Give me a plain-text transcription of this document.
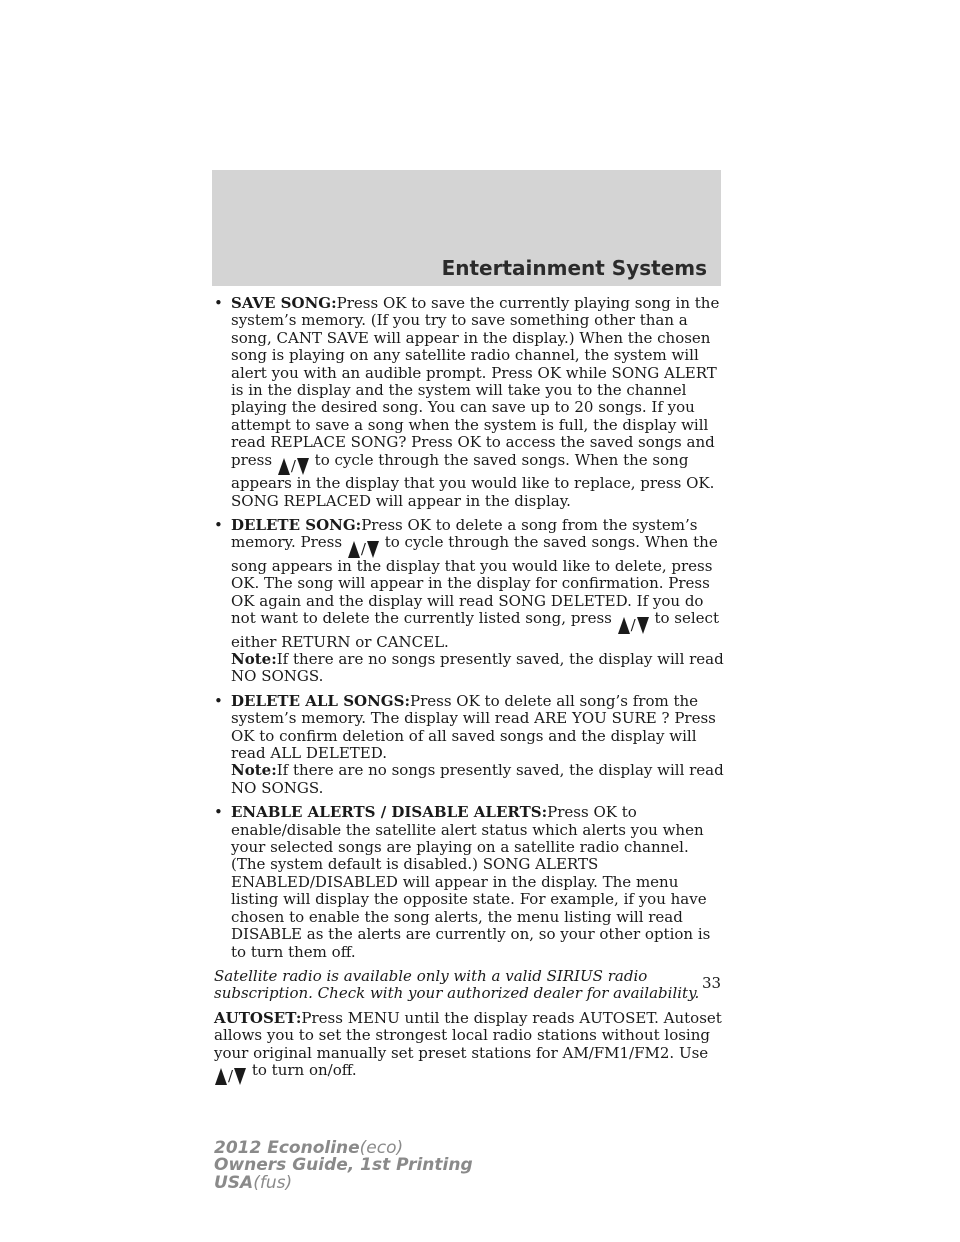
Entertainment Systems
• SAVE SONG:Press OK to save the currently playing song in the system’s memory. (If you try to save something other than a song, CANT SAVE will appear in the display.) When the chosen song is playing on any satellite radio channel, the system will alert you with an audible prompt. Press OK while SONG ALERT is in the display and the system will take you to the channel playing the desired song. You can save up to 20 songs. If you attempt to save a song when the system is full, the display will read REPLACE SONG? Press OK to access the saved songs and press / to cycle through the saved songs. When the song appears in the display that you would like to replace, press OK. SONG REPLACED will appear in the display.
• DELETE SONG:Press OK to delete a song from the system’s memory. Press / to cycle through the saved songs. When the song appears in the display that you would like to delete, press OK. The song will appear in the display for confirmation. Press OK again and the display will read SONG DELETED. If you do not want to delete the currently listed song, press / to select either RETURN or CANCEL.
Note:If there are no songs presently saved, the display will read NO SONGS.
• DELETE ALL SONGS:Press OK to delete all song’s from the system’s memory. The display will read ARE YOU SURE ? Press OK to confirm deletion of all saved songs and the display will read ALL DELETED.
Note:If there are no songs presently saved, the display will read NO SONGS.
• ENABLE ALERTS / DISABLE ALERTS:Press OK to enable/disable the satellite alert status which alerts you when your selected songs are playing on a satellite radio channel. (The system default is disabled.) SONG ALERTS ENABLED/DISABLED will appear in the display. The menu listing will display the opposite state. For example, if you have chosen to enable the song alerts, the menu listing will read DISABLE as the alerts are currently on, so your other option is to turn them off.

Satellite radio is available only with a valid SIRIUS radio subscription. Check with your authorized dealer for availability.

AUTOSET:Press MENU until the display reads AUTOSET. Autoset allows you to set the strongest local radio stations without losing your original manually set preset stations for AM/FM1/FM2. Use / to turn on/off.

33
2012 Econoline(eco)
Owners Guide, 1st Printing
USA(fus)
